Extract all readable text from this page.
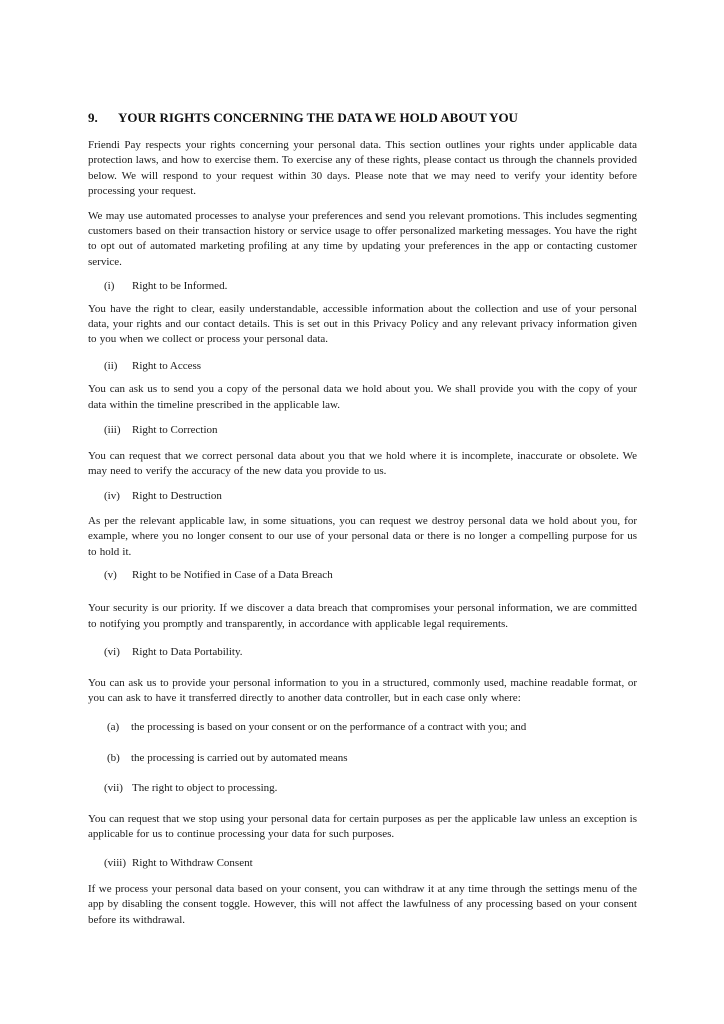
9.	YOUR RIGHTS CONCERNING THE DATA WE HOLD ABOUT YOU
Friendi Pay respects your rights concerning your personal data. This section outlines your rights under applicable data protection laws, and how to exercise them. To exercise any of these rights, please contact us through the channels provided below. We will respond to your request within 30 days. Please note that we may need to verify your identity before processing your request.
We may use automated processes to analyse your preferences and send you relevant promotions. This includes segmenting customers based on their transaction history or service usage to offer personalized marketing messages. You have the right to opt out of automated marketing profiling at any time by updating your preferences in the app or contacting customer service.
(i)	Right to be Informed.
You have the right to clear, easily understandable, accessible information about the collection and use of your personal data, your rights and our contact details. This is set out in this Privacy Policy and any relevant privacy information given to you when we collect or process your personal data.
(ii)	Right to Access
You can ask us to send you a copy of the personal data we hold about you. We shall provide you with the copy of your data within the timeline prescribed in the applicable law.
(iii)	Right to Correction
You can request that we correct personal data about you that we hold where it is incomplete, inaccurate or obsolete. We may need to verify the accuracy of the new data you provide to us.
(iv)	Right to Destruction
As per the relevant applicable law, in some situations, you can request we destroy personal data we hold about you, for example, where you no longer consent to our use of your personal data or there is no longer a compelling purpose for us to hold it.
(v)	Right to be Notified in Case of a Data Breach
Your security is our priority. If we discover a data breach that compromises your personal information, we are committed to notifying you promptly and transparently, in accordance with applicable legal requirements.
(vi)	Right to Data Portability.
You can ask us to provide your personal information to you in a structured, commonly used, machine readable format, or you can ask to have it transferred directly to another data controller, but in each case only where:
(a)	the processing is based on your consent or on the performance of a contract with you; and
(b)	the processing is carried out by automated means
(vii) The right to object to processing.
You can request that we stop using your personal data for certain purposes as per the applicable law unless an exception is applicable for us to continue processing your data for such purposes.
(viii) Right to Withdraw Consent
If we process your personal data based on your consent, you can withdraw it at any time through the settings menu of the app by disabling the consent toggle. However, this will not affect the lawfulness of any processing based on your consent before its withdrawal.
